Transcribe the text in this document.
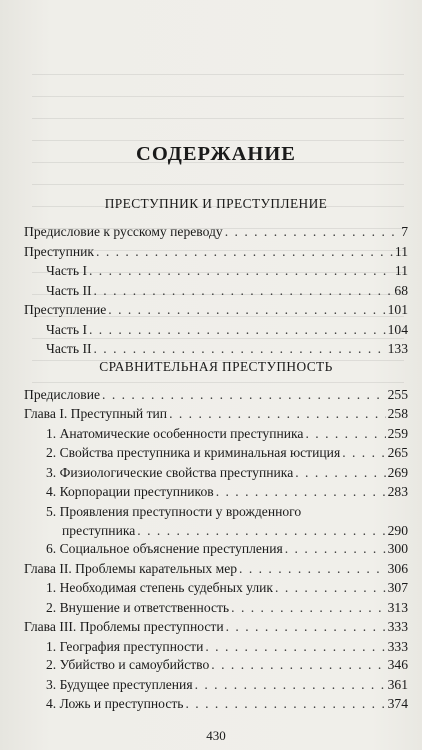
СОДЕРЖАНИЕ
ПРЕСТУПНИК И ПРЕСТУПЛЕНИЕ
Предисловие к русскому переводу . . .	7
Преступник . . .	11
Часть I . . .	11
Часть II . . .	68
Преступление . . .	101
Часть I . . .	104
Часть II . . .	133
СРАВНИТЕЛЬНАЯ ПРЕСТУПНОСТЬ
Предисловие . . .	255
Глава I. Преступный тип . . .	258
1. Анатомические особенности преступника . . .	259
2. Свойства преступника и криминальная юстиция . . .	265
3. Физиологические свойства преступника . . .	269
4. Корпорации преступников . . .	283
5. Проявления преступности у врожденного
преступника . . .	290
6. Социальное объяснение преступления . . .	300
Глава II. Проблемы карательных мер . . .	306
1. Необходимая степень судебных улик . . .	307
2. Внушение и ответственность . . .	313
Глава III. Проблемы преступности . . .	333
1. География преступности . . .	333
2. Убийство и самоубийство . . .	346
430
3. Будущее преступления . . .	361
4. Ложь и преступность . . .	374
